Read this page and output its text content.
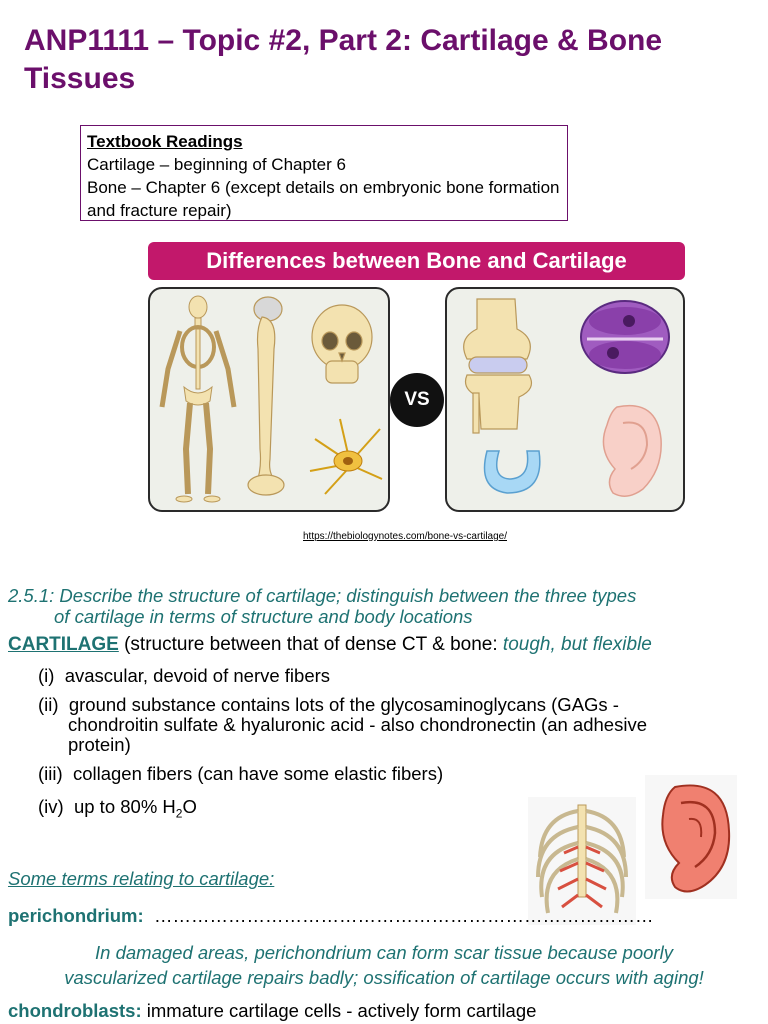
ANP1111 – Topic #2, Part 2: Cartilage & Bone Tissues
Textbook Readings
Cartilage – beginning of Chapter 6
Bone – Chapter 6 (except details on embryonic bone formation and fracture repair)
Differences between Bone and Cartilage
VS
https://thebiologynotes.com/bone-vs-cartilage/
2.5.1: Describe the structure of cartilage; distinguish between the three types
of cartilage in terms of structure and body locations
CARTILAGE (structure between that of dense CT & bone: tough, but flexible
(i) avascular, devoid of nerve fibers
(ii) ground substance contains lots of the glycosaminoglycans (GAGs -
chondroitin sulfate & hyaluronic acid - also chondronectin (an adhesive
protein)
(iii) collagen fibers (can have some elastic fibers)
(iv) up to 80% $H_2O$
Some terms relating to cartilage:
perichondrium: ………………………………………………………………………
In damaged areas, perichondrium can form scar tissue because poorly
vascularized cartilage repairs badly; ossification of cartilage occurs with aging!
chondroblasts: immature cartilage cells - actively form cartilage
